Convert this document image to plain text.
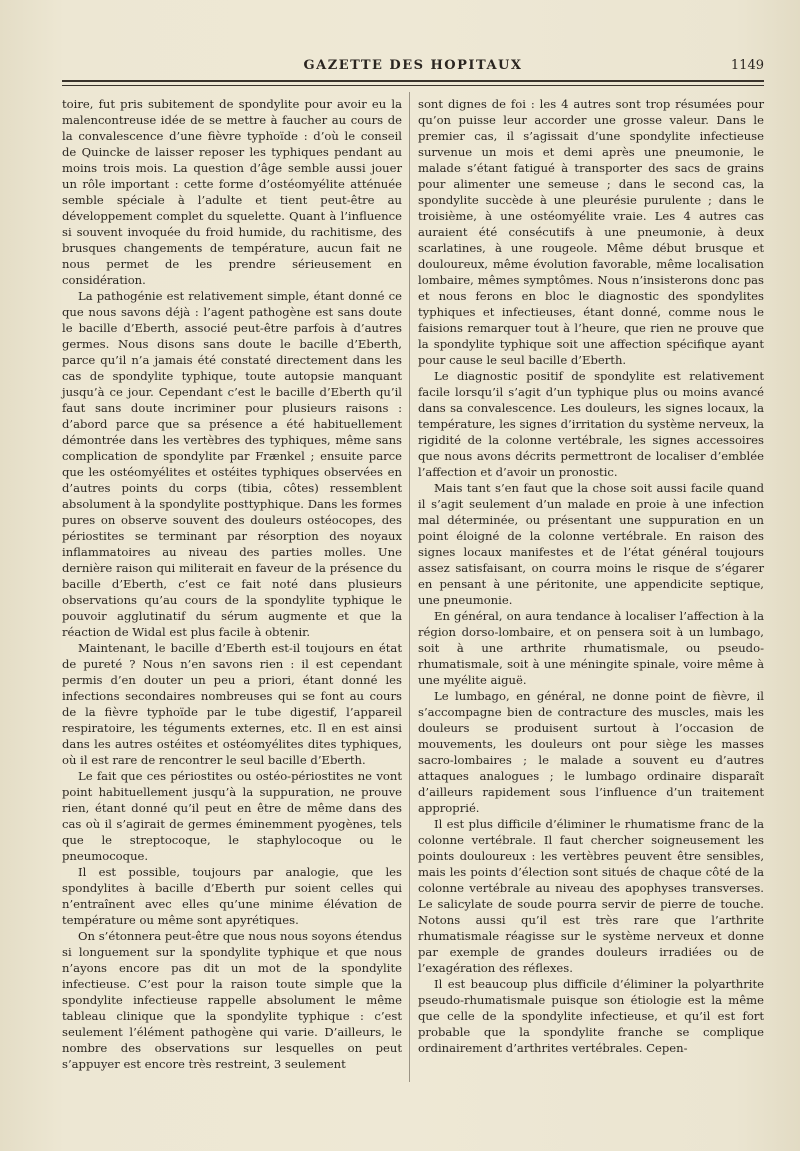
GAZETTE DES HOPITAUX	1149

toire, fut pris subitement de spondylite pour avoir eu la malencontreuse idée de se mettre à faucher au cours de la convalescence d’une fièvre typhoïde : d’où le conseil de Quincke de laisser reposer les typhiques pendant au moins trois mois. La question d’âge semble aussi jouer un rôle important : cette forme d’ostéomyélite atténuée semble spéciale à l’adulte et tient peut-être au développement complet du squelette. Quant à l’influence si souvent invoquée du froid humide, du rachitisme, des brusques changements de température, aucun fait ne nous permet de les prendre sérieusement en considération.

La pathogénie est relativement simple, étant donné ce que nous savons déjà : l’agent pathogène est sans doute le bacille d’Eberth, associé peut-être parfois à d’autres germes. Nous disons sans doute le bacille d’Eberth, parce qu’il n’a jamais été constaté directement dans les cas de spondylite typhique, toute autopsie manquant jusqu’à ce jour. Cependant c’est le bacille d’Eberth qu’il faut sans doute incriminer pour plusieurs raisons : d’abord parce que sa présence a été habituellement démontrée dans les vertèbres des typhiques, même sans complication de spondylite par Frænkel ; ensuite parce que les ostéomyélites et ostéites typhiques observées en d’autres points du corps (tibia, côtes) ressemblent absolument à la spondylite posttyphique. Dans les formes pures on observe souvent des douleurs ostéocopes, des périostites se terminant par résorption des noyaux inflammatoires au niveau des parties molles. Une dernière raison qui militerait en faveur de la présence du bacille d’Eberth, c’est ce fait noté dans plusieurs observations qu’au cours de la spondylite typhique le pouvoir agglutinatif du sérum augmente et que la réaction de Widal est plus facile à obtenir.

Maintenant, le bacille d’Eberth est-il toujours en état de pureté ? Nous n’en savons rien : il est cependant permis d’en douter un peu a priori, étant donné les infections secondaires nombreuses qui se font au cours de la fièvre typhoïde par le tube digestif, l’appareil respiratoire, les téguments externes, etc. Il en est ainsi dans les autres ostéites et ostéomyélites dites typhiques, où il est rare de rencontrer le seul bacille d’Eberth.

Le fait que ces périostites ou ostéo-périostites ne vont point habituellement jusqu’à la suppuration, ne prouve rien, étant donné qu’il peut en être de même dans des cas où il s’agirait de germes éminemment pyogènes, tels que le streptocoque, le staphylocoque ou le pneumocoque.

Il est possible, toujours par analogie, que les spondylites à bacille d’Eberth pur soient celles qui n’entraînent avec elles qu’une minime élévation de température ou même sont apyrétiques.

On s’étonnera peut-être que nous nous soyons étendus si longuement sur la spondylite typhique et que nous n’ayons encore pas dit un mot de la spondylite infectieuse. C’est pour la raison toute simple que la spondylite infectieuse rappelle absolument le même tableau clinique que la spondylite typhique : c’est seulement l’élément pathogène qui varie. D’ailleurs, le nombre des observations sur lesquelles on peut s’appuyer est encore très restreint, 3 seulement

sont dignes de foi : les 4 autres sont trop résumées pour qu’on puisse leur accorder une grosse valeur. Dans le premier cas, il s’agissait d’une spondylite infectieuse survenue un mois et demi après une pneumonie, le malade s’étant fatigué à transporter des sacs de grains pour alimenter une semeuse ; dans le second cas, la spondylite succède à une pleurésie purulente ; dans le troisième, à une ostéomyélite vraie. Les 4 autres cas auraient été consécutifs à une pneumonie, à deux scarlatines, à une rougeole. Même début brusque et douloureux, même évolution favorable, même localisation lombaire, mêmes symptômes. Nous n’insisterons donc pas et nous ferons en bloc le diagnostic des spondylites typhiques et infectieuses, étant donné, comme nous le faisions remarquer tout à l’heure, que rien ne prouve que la spondylite typhique soit une affection spécifique ayant pour cause le seul bacille d’Eberth.

Le diagnostic positif de spondylite est relativement facile lorsqu’il s’agit d’un typhique plus ou moins avancé dans sa convalescence. Les douleurs, les signes locaux, la température, les signes d’irritation du système nerveux, la rigidité de la colonne vertébrale, les signes accessoires que nous avons décrits permettront de localiser d’emblée l’affection et d’avoir un pronostic.

Mais tant s’en faut que la chose soit aussi facile quand il s’agit seulement d’un malade en proie à une infection mal déterminée, ou présentant une suppuration en un point éloigné de la colonne vertébrale. En raison des signes locaux manifestes et de l’état général toujours assez satisfaisant, on courra moins le risque de s’égarer en pensant à une péritonite, une appendicite septique, une pneumonie.

En général, on aura tendance à localiser l’affection à la région dorso-lombaire, et on pensera soit à un lumbago, soit à une arthrite rhumatismale, ou pseudo-rhumatismale, soit à une méningite spinale, voire même à une myélite aiguë.

Le lumbago, en général, ne donne point de fièvre, il s’accompagne bien de contracture des muscles, mais les douleurs se produisent surtout à l’occasion de mouvements, les douleurs ont pour siège les masses sacro-lombaires ; le malade a souvent eu d’autres attaques analogues ; le lumbago ordinaire disparaît d’ailleurs rapidement sous l’influence d’un traitement approprié.

Il est plus difficile d’éliminer le rhumatisme franc de la colonne vertébrale. Il faut chercher soigneusement les points douloureux : les vertèbres peuvent être sensibles, mais les points d’élection sont situés de chaque côté de la colonne vertébrale au niveau des apophyses transverses. Le salicylate de soude pourra servir de pierre de touche. Notons aussi qu’il est très rare que l’arthrite rhumatismale réagisse sur le système nerveux et donne par exemple de grandes douleurs irradiées ou de l’exagération des réflexes.

Il est beaucoup plus difficile d’éliminer la polyarthrite pseudo-rhumatismale puisque son étiologie est la même que celle de la spondylite infectieuse, et qu’il est fort probable que la spondylite franche se complique ordinairement d’arthrites vertébrales. Cepen-
